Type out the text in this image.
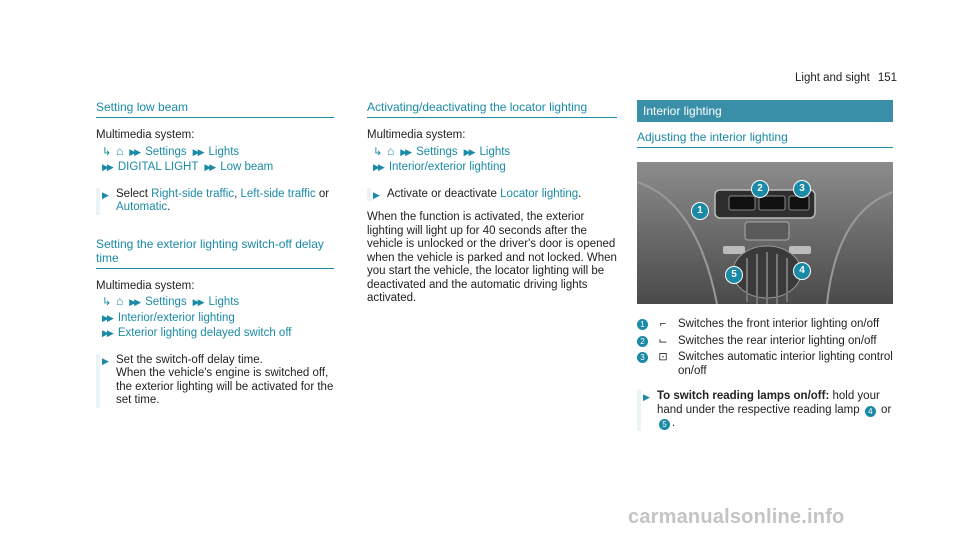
Light and sight 151
Setting low beam
Multimedia system:
↳ ⌂ ▶▶ Settings ▶▶ Lights
▶▶ DIGITAL LIGHT ▶▶ Low beam
▶ Select Right-side traffic, Left-side traffic or
Automatic.
Setting the exterior lighting switch-off delay time
Multimedia system:
↳ ⌂ ▶▶ Settings ▶▶ Lights
▶▶ Interior/exterior lighting
▶▶ Exterior lighting delayed switch off
▶ Set the switch-off delay time.
When the vehicle's engine is switched off, the exterior lighting will be activated for the set time.
Activating/deactivating the locator lighting
Multimedia system:
↳ ⌂ ▶▶ Settings ▶▶ Lights
▶▶ Interior/exterior lighting
▶ Activate or deactivate Locator lighting.
When the function is activated, the exterior lighting will light up for 40 seconds after the vehicle is unlocked or the driver's door is opened when the vehicle is parked and not locked. When you start the vehicle, the locator lighting will be deactivated and the automatic driving lights activated.
Interior lighting
Adjusting the interior lighting
1
2	3
4
5
1	⌐	Switches the front interior lighting on/off
2	⌙ Switches the rear interior lighting on/off
3	⊡ Switches automatic interior lighting control on/off
▶ To switch reading lamps on/off: hold your hand under the respective reading lamp 4 or
5 .
carmanualsonline.info
